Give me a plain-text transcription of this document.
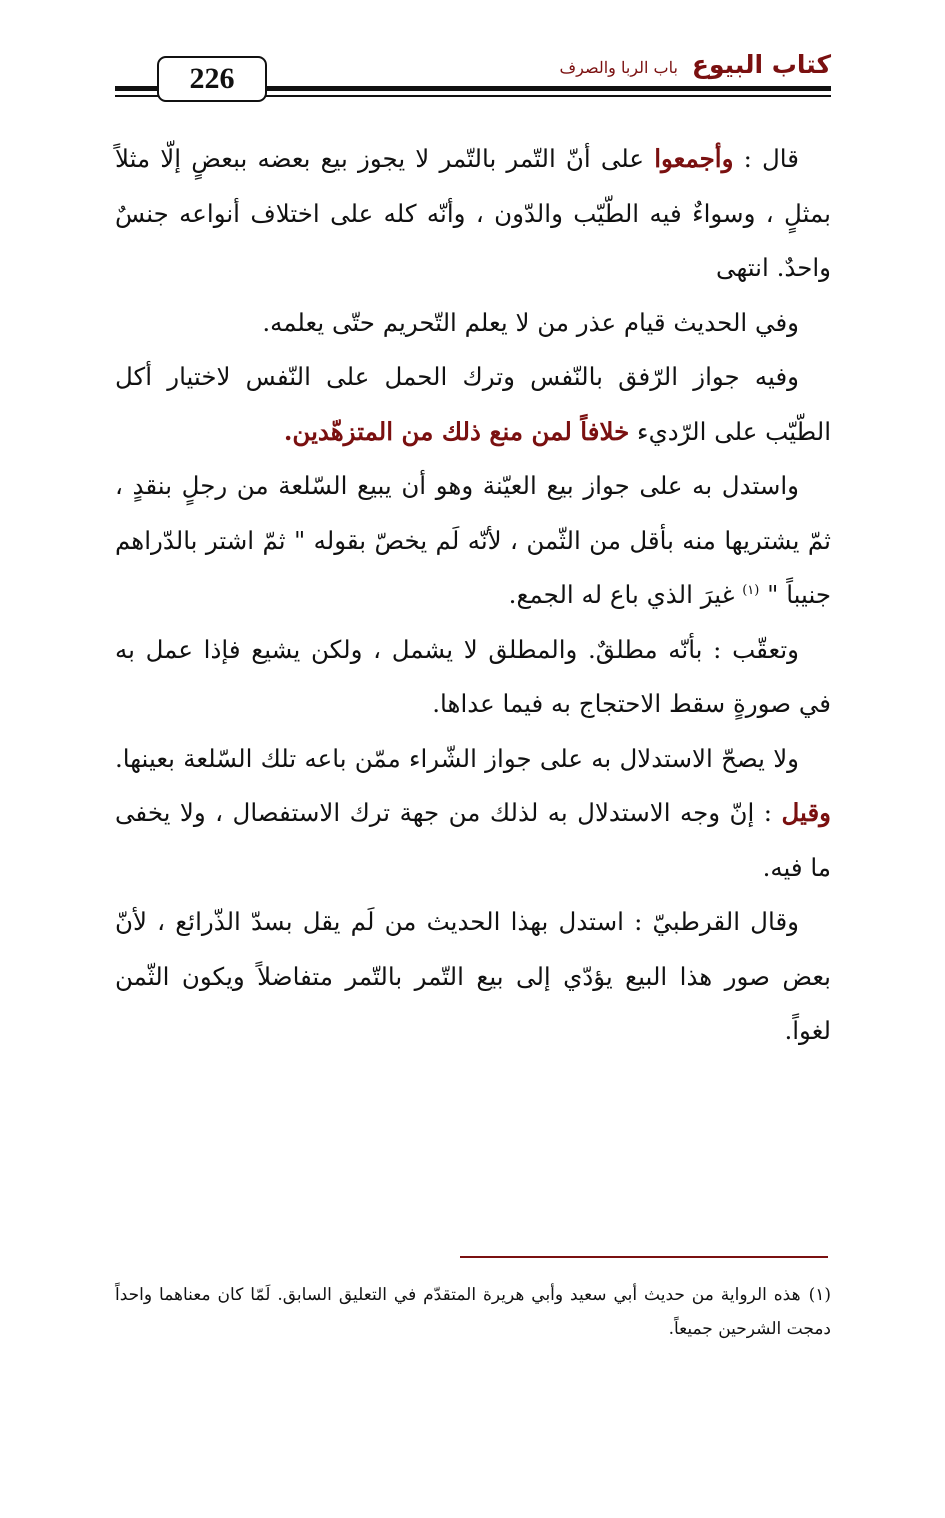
226	كتاب البيوع
باب الربا والصرف

قال : وأجمعوا على أنّ التّمر بالتّمر لا يجوز بيع بعضه ببعضٍ إلّا مثلاً بمثلٍ ، وسواءٌ فيه الطّيّب والدّون ، وأنّه كله على اختلاف أنواعه جنسٌ واحدٌ. انتهى

وفي الحديث قيام عذر من لا يعلم التّحريم حتّى يعلمه.

وفيه جواز الرّفق بالنّفس وترك الحمل على النّفس لاختيار أكل الطّيّب على الرّديء خلافاً لمن منع ذلك من المتزهّدين.

واستدل به على جواز بيع العيّنة وهو أن يبيع السّلعة من رجلٍ بنقدٍ ، ثمّ يشتريها منه بأقل من الثّمن ، لأنّه لَم يخصّ بقوله " ثمّ اشتر بالدّراهم جنيباً " $^{(١)}$ غيرَ الذي باع له الجمع.

وتعقّب : بأنّه مطلقٌ. والمطلق لا يشمل ، ولكن يشيع فإذا عمل به في صورةٍ سقط الاحتجاج به فيما عداها.

ولا يصحّ الاستدلال به على جواز الشّراء ممّن باعه تلك السّلعة بعينها. وقيل : إنّ وجه الاستدلال به لذلك من جهة ترك الاستفصال ، ولا يخفى ما فيه.

وقال القرطبيّ : استدل بهذا الحديث من لَم يقل بسدّ الذّرائع ، لأنّ بعض صور هذا البيع يؤدّي إلى بيع التّمر بالتّمر متفاضلاً ويكون الثّمن لغواً.

(١)هذه الرواية من حديث أبي سعيد وأبي هريرة المتقدّم في التعليق السابق. لَمّا كان معناهما واحداً دمجت الشرحين جميعاً.
